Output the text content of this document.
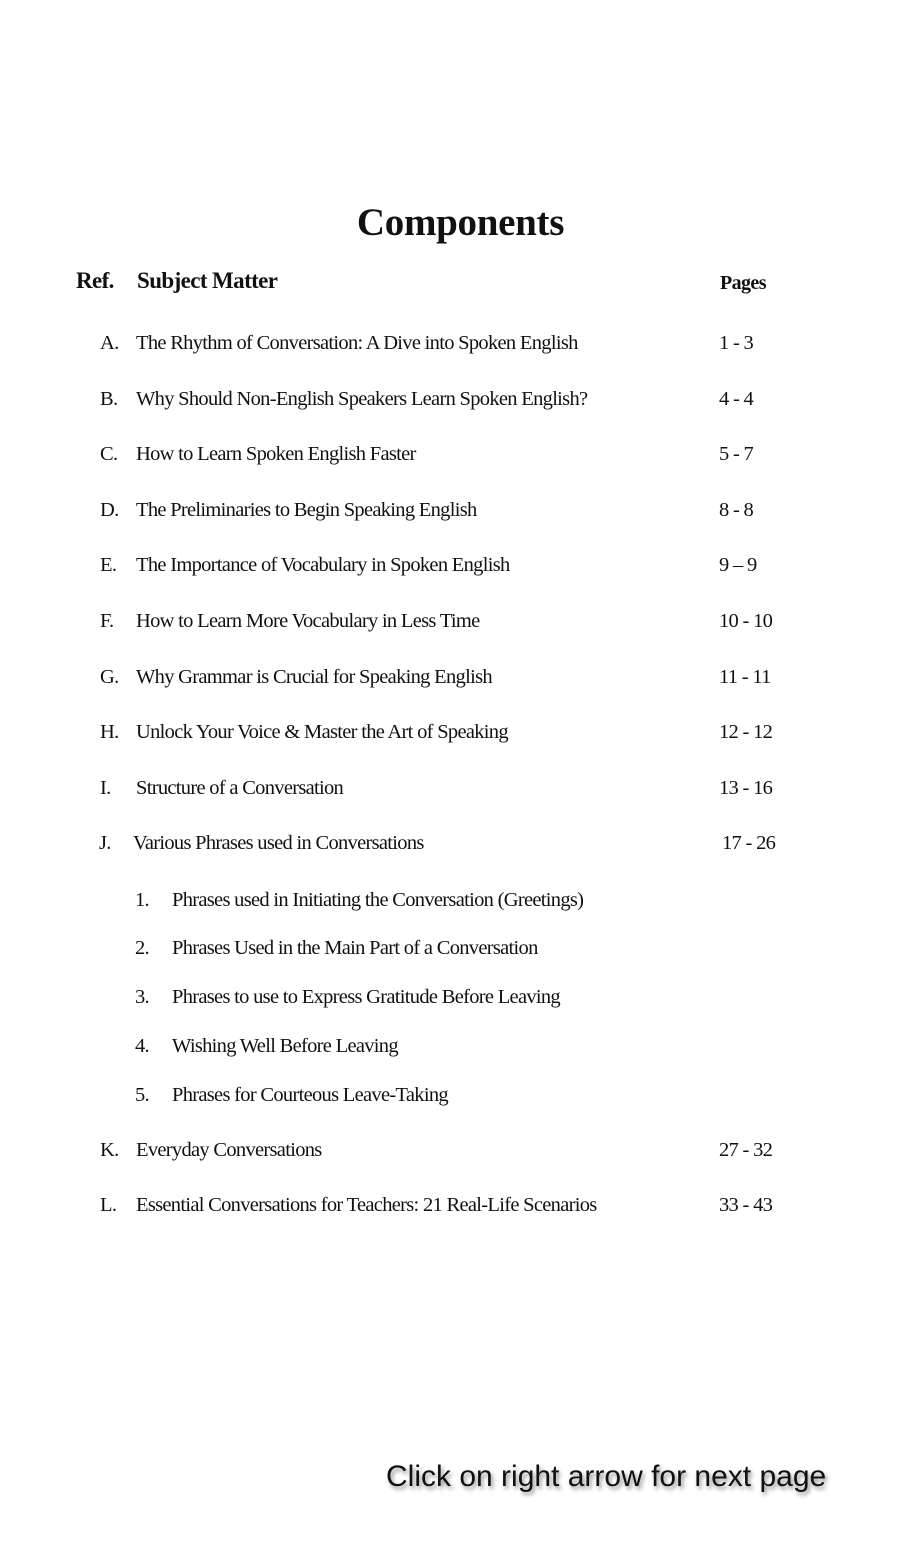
Components
Ref. Subject Matter	Pages
A. The Rhythm of Conversation: A Dive into Spoken English	1 - 3
B. Why Should Non-English Speakers Learn Spoken English?	4 - 4
C. How to Learn Spoken English Faster	5 - 7
D. The Preliminaries to Begin Speaking English	8 - 8
E. The Importance of Vocabulary in Spoken English	9 – 9
F. How to Learn More Vocabulary in Less Time	10 - 10
G. Why Grammar is Crucial for Speaking English	11 - 11
H. Unlock Your Voice & Master the Art of Speaking	12 - 12
I. Structure of a Conversation	13 - 16
J. Various Phrases used in Conversations	17 - 26
1. Phrases used in Initiating the Conversation (Greetings)
2. Phrases Used in the Main Part of a Conversation
3. Phrases to use to Express Gratitude Before Leaving
4. Wishing Well Before Leaving
5. Phrases for Courteous Leave-Taking
K. Everyday Conversations	27 - 32
L. Essential Conversations for Teachers: 21 Real-Life Scenarios	33 - 43
Click on right arrow for next page
